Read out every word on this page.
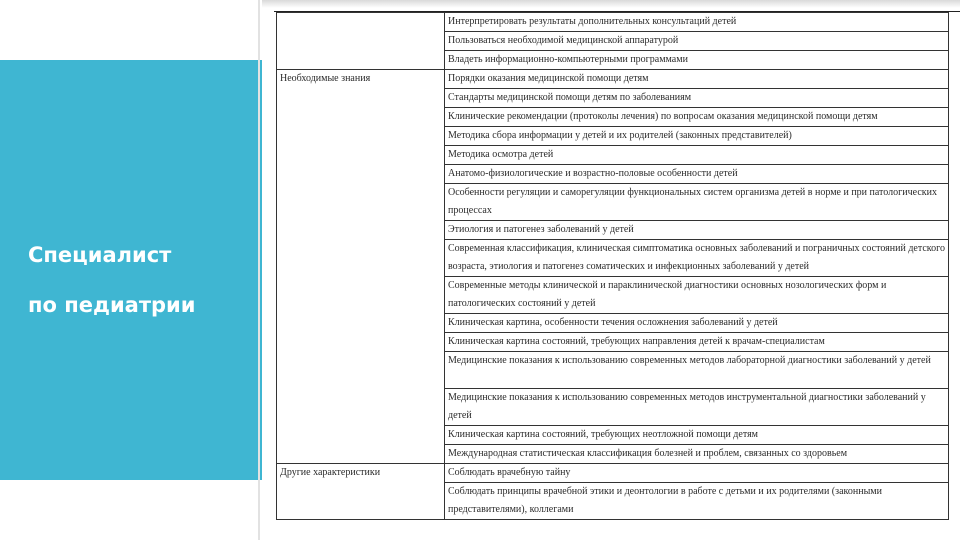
Специалист
по педиатрии
	Интерпретировать результаты дополнительных консультаций детей
	Пользоваться необходимой медицинской аппаратурой
	Владеть информационно-компьютерными программами
Необходимые знания	Порядки оказания медицинской помощи детям
	Стандарты медицинской помощи детям по заболеваниям
	Клинические рекомендации (протоколы лечения) по вопросам оказания медицинской помощи детям
	Методика сбора информации у детей и их родителей (законных представителей)
	Методика осмотра детей
	Анатомо-физиологические и возрастно-половые особенности детей
	Особенности регуляции и саморегуляции функциональных систем организма детей в норме и при патологических процессах
	Этиология и патогенез заболеваний у детей
	Современная классификация, клиническая симптоматика основных заболеваний и пограничных состояний детского возраста, этиология и патогенез соматических и инфекционных заболеваний у детей
	Современные методы клинической и параклинической диагностики основных нозологических форм и патологических состояний у детей
	Клиническая картина, особенности течения осложнения заболеваний у детей
	Клиническая картина состояний, требующих направления детей к врачам-специалистам
	Медицинские показания к использованию современных методов лабораторной диагностики заболеваний у детей
	Медицинские показания к использованию современных методов инструментальной диагностики заболеваний у детей
	Клиническая картина состояний, требующих неотложной помощи детям
	Международная статистическая классификация болезней и проблем, связанных со здоровьем
Другие характеристики	Соблюдать врачебную тайну
	Соблюдать принципы врачебной этики и деонтологии в работе с детьми и их родителями (законными представителями), коллегами
